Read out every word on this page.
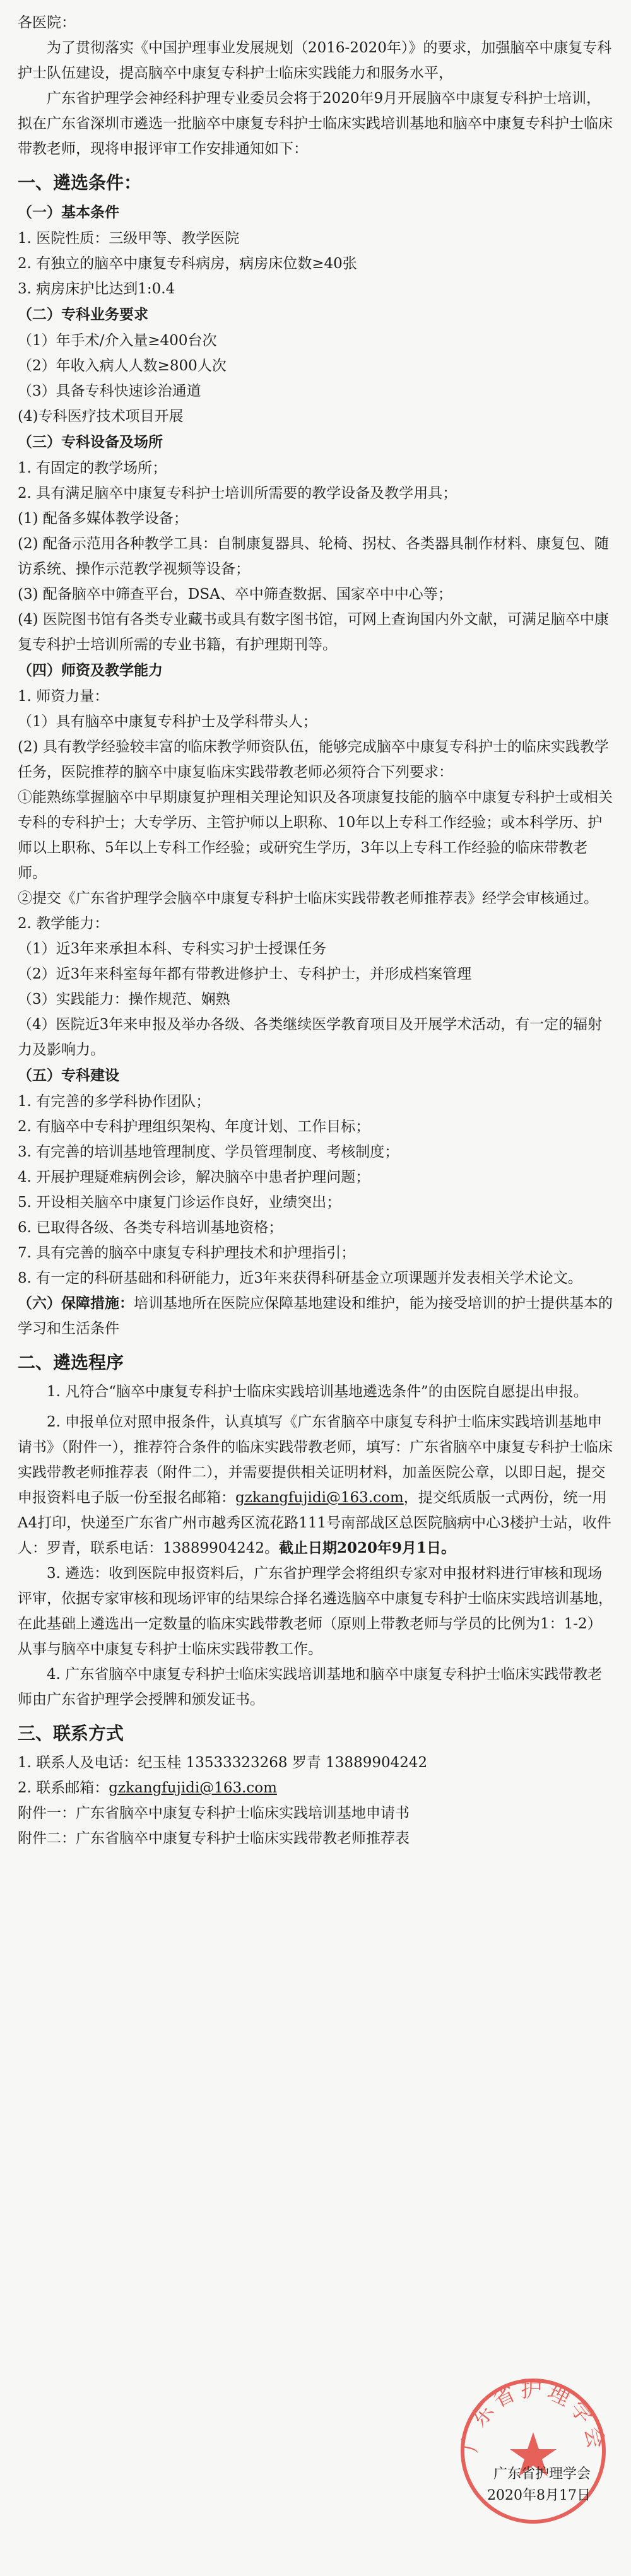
各医院：

为了贯彻落实《中国护理事业发展规划（2016-2020年）》的要求，加强脑卒中康复专科护士队伍建设，提高脑卒中康复专科护士临床实践能力和服务水平，

广东省护理学会神经科护理专业委员会将于2020年9月开展脑卒中康复专科护士培训，拟在广东省深圳市遴选一批脑卒中康复专科护士临床实践培训基地和脑卒中康复专科护士临床带教老师，现将申报评审工作安排通知如下：

一、遴选条件：

（一）基本条件

1. 医院性质：三级甲等、教学医院

2. 有独立的脑卒中康复专科病房，病房床位数≥40张

3. 病房床护比达到1:0.4

（二）专科业务要求

（1）年手术/介入量≥400台次

（2）年收入病人人数≥800人次

（3）具备专科快速诊治通道

(4)专科医疗技术项目开展

（三）专科设备及场所

1. 有固定的教学场所；

2. 具有满足脑卒中康复专科护士培训所需要的教学设备及教学用具；

(1) 配备多媒体教学设备；

(2) 配备示范用各种教学工具：自制康复器具、轮椅、拐杖、各类器具制作材料、康复包、随访系统、操作示范教学视频等设备；

(3) 配备脑卒中筛查平台，DSA、卒中筛查数据、国家卒中中心等；

(4) 医院图书馆有各类专业藏书或具有数字图书馆，可网上查询国内外文献，可满足脑卒中康复专科护士培训所需的专业书籍，有护理期刊等。

（四）师资及教学能力

1. 师资力量：

（1）具有脑卒中康复专科护士及学科带头人；

(2) 具有教学经验较丰富的临床教学师资队伍，能够完成脑卒中康复专科护士的临床实践教学任务，医院推荐的脑卒中康复临床实践带教老师必须符合下列要求：

①能熟练掌握脑卒中早期康复护理相关理论知识及各项康复技能的脑卒中康复专科护士或相关专科的专科护士；大专学历、主管护师以上职称、10年以上专科工作经验；或本科学历、护师以上职称、5年以上专科工作经验；或研究生学历，3年以上专科工作经验的临床带教老师。

②提交《广东省护理学会脑卒中康复专科护士临床实践带教老师推荐表》经学会审核通过。

2. 教学能力：

（1）近3年来承担本科、专科实习护士授课任务

（2）近3年来科室每年都有带教进修护士、专科护士，并形成档案管理

（3）实践能力：操作规范、娴熟

（4）医院近3年来申报及举办各级、各类继续医学教育项目及开展学术活动，有一定的辐射力及影响力。

（五）专科建设

1. 有完善的多学科协作团队；

2. 有脑卒中专科护理组织架构、年度计划、工作目标；

3. 有完善的培训基地管理制度、学员管理制度、考核制度；

4. 开展护理疑难病例会诊，解决脑卒中患者护理问题；

5. 开设相关脑卒中康复门诊运作良好，业绩突出；

6. 已取得各级、各类专科培训基地资格；

7. 具有完善的脑卒中康复专科护理技术和护理指引；

8. 有一定的科研基础和科研能力，近3年来获得科研基金立项课题并发表相关学术论文。

（六）保障措施：培训基地所在医院应保障基地建设和维护，能为接受培训的护士提供基本的学习和生活条件

二、遴选程序

1. 凡符合“脑卒中康复专科护士临床实践培训基地遴选条件”的由医院自愿提出申报。

2. 申报单位对照申报条件，认真填写《广东省脑卒中康复专科护士临床实践培训基地申请书》（附件一），推荐符合条件的临床实践带教老师，填写：广东省脑卒中康复专科护士临床实践带教老师推荐表（附件二），并需要提供相关证明材料，加盖医院公章，以即日起，提交申报资料电子版一份至报名邮箱：gzkangfujidi@163.com，提交纸质版一式两份，统一用A4打印，快递至广东省广州市越秀区流花路111号南部战区总医院脑病中心3楼护士站，收件人：罗青，联系电话：13889904242。截止日期2020年9月1日。

3. 遴选：收到医院申报资料后，广东省护理学会将组织专家对申报材料进行审核和现场评审，依据专家审核和现场评审的结果综合择名遴选脑卒中康复专科护士临床实践培训基地，在此基础上遴选出一定数量的临床实践带教老师（原则上带教老师与学员的比例为1：1-2）从事与脑卒中康复专科护士临床实践带教工作。

4. 广东省脑卒中康复专科护士临床实践培训基地和脑卒中康复专科护士临床实践带教老师由广东省护理学会授牌和颁发证书。

三、联系方式

1. 联系人及电话：纪玉桂 13533323268 罗青 13889904242

2. 联系邮箱：gzkangfujidi@163.com

附件一：广东省脑卒中康复专科护士临床实践培训基地申请书

附件二：广东省脑卒中康复专科护士临床实践带教老师推荐表

广东省护理学会
广东省护理学会
2020年8月17日
